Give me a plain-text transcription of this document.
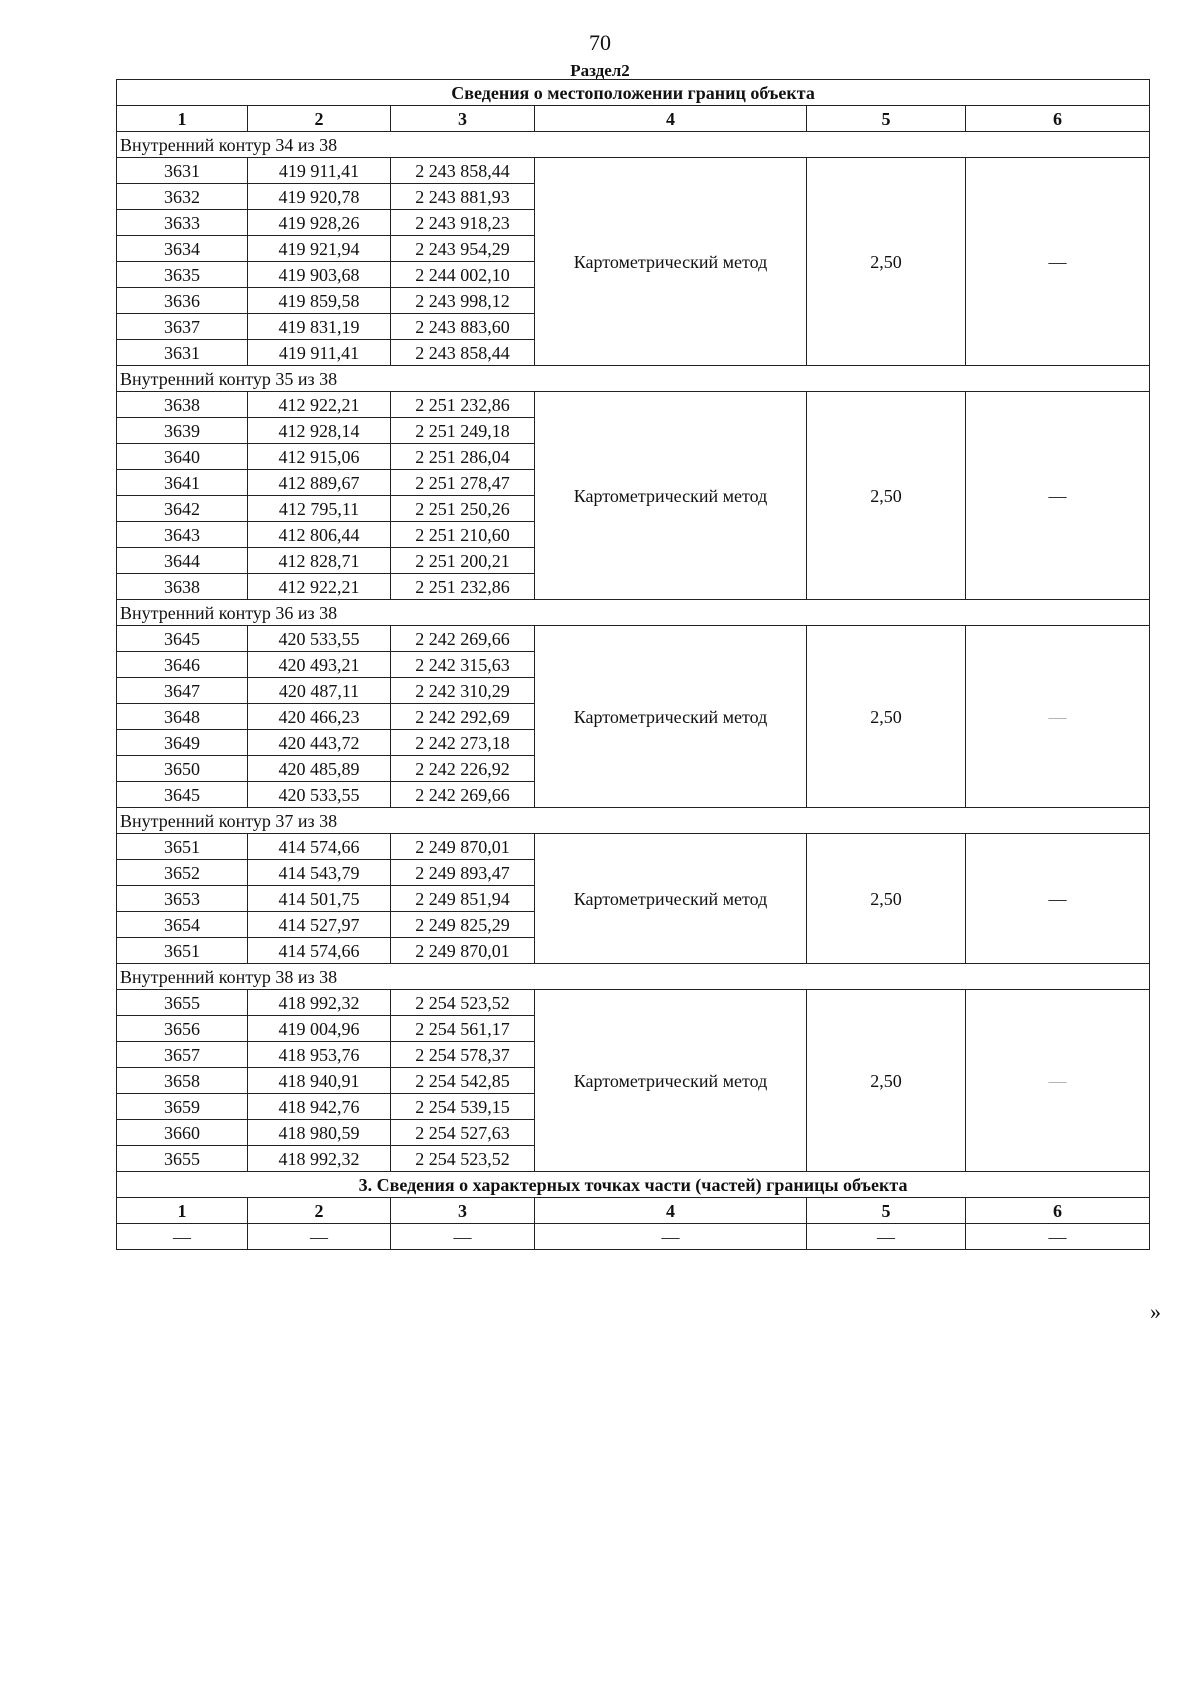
70
Раздел2
Сведения о местоположении границ объекта					
1	2	3	4	5	6
Внутренний контур 34 из 38					
3631	419 911,41	2 243 858,44	Картометрический метод	2,50	—
3632	419 920,78	2 243 881,93			
3633	419 928,26	2 243 918,23			
3634	419 921,94	2 243 954,29			
3635	419 903,68	2 244 002,10			
3636	419 859,58	2 243 998,12			
3637	419 831,19	2 243 883,60			
3631	419 911,41	2 243 858,44			
Внутренний контур 35 из 38					
3638	412 922,21	2 251 232,86	Картометрический метод	2,50	—
3639	412 928,14	2 251 249,18			
3640	412 915,06	2 251 286,04			
3641	412 889,67	2 251 278,47			
3642	412 795,11	2 251 250,26			
3643	412 806,44	2 251 210,60			
3644	412 828,71	2 251 200,21			
3638	412 922,21	2 251 232,86			
Внутренний контур 36 из 38					
3645	420 533,55	2 242 269,66	Картометрический метод	2,50	—
3646	420 493,21	2 242 315,63			
3647	420 487,11	2 242 310,29			
3648	420 466,23	2 242 292,69			
3649	420 443,72	2 242 273,18			
3650	420 485,89	2 242 226,92			
3645	420 533,55	2 242 269,66			
Внутренний контур 37 из 38					
3651	414 574,66	2 249 870,01	Картометрический метод	2,50	—
3652	414 543,79	2 249 893,47			
3653	414 501,75	2 249 851,94			
3654	414 527,97	2 249 825,29			
3651	414 574,66	2 249 870,01			
Внутренний контур 38 из 38					
3655	418 992,32	2 254 523,52	Картометрический метод	2,50	—
3656	419 004,96	2 254 561,17			
3657	418 953,76	2 254 578,37			
3658	418 940,91	2 254 542,85			
3659	418 942,76	2 254 539,15			
3660	418 980,59	2 254 527,63			
3655	418 992,32	2 254 523,52			
3. Сведения о характерных точках части (частей) границы объекта					
1	2	3	4	5	6
—	—	—	—	—	—
»
